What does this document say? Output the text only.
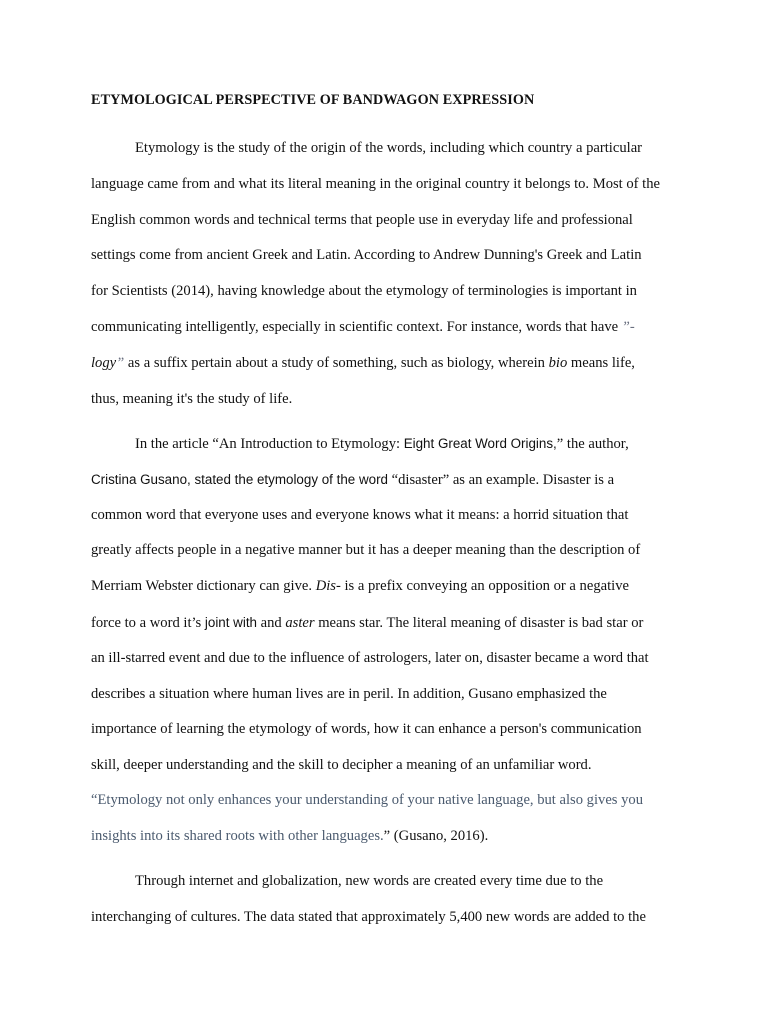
ETYMOLOGICAL PERSPECTIVE OF BANDWAGON EXPRESSION
Etymology is the study of the origin of the words, including which country a particular
language came from and what its literal meaning in the original country it belongs to. Most of the
English common words and technical terms that people use in everyday life and professional
settings come from ancient Greek and Latin. According to Andrew Dunning's Greek and Latin
for Scientists (2014), having knowledge about the etymology of terminologies is important in
communicating intelligently, especially in scientific context. For instance, words that have ”-
logy” as a suffix pertain about a study of something, such as biology, wherein bio means life,
thus, meaning it's the study of life.
In the article “An Introduction to Etymology: Eight Great Word Origins,” the author,
Cristina Gusano, stated the etymology of the word “disaster” as an example. Disaster is a
common word that everyone uses and everyone knows what it means: a horrid situation that
greatly affects people in a negative manner but it has a deeper meaning than the description of
Merriam Webster dictionary can give. Dis- is a prefix conveying an opposition or a negative
force to a word it’s joint with and aster means star. The literal meaning of disaster is bad star or
an ill-starred event and due to the influence of astrologers, later on, disaster became a word that
describes a situation where human lives are in peril. In addition, Gusano emphasized the
importance of learning the etymology of words, how it can enhance a person's communication
skill, deeper understanding and the skill to decipher a meaning of an unfamiliar word.
“Etymology not only enhances your understanding of your native language, but also gives you
insights into its shared roots with other languages.” (Gusano, 2016).
Through internet and globalization, new words are created every time due to the
interchanging of cultures. The data stated that approximately 5,400 new words are added to the
